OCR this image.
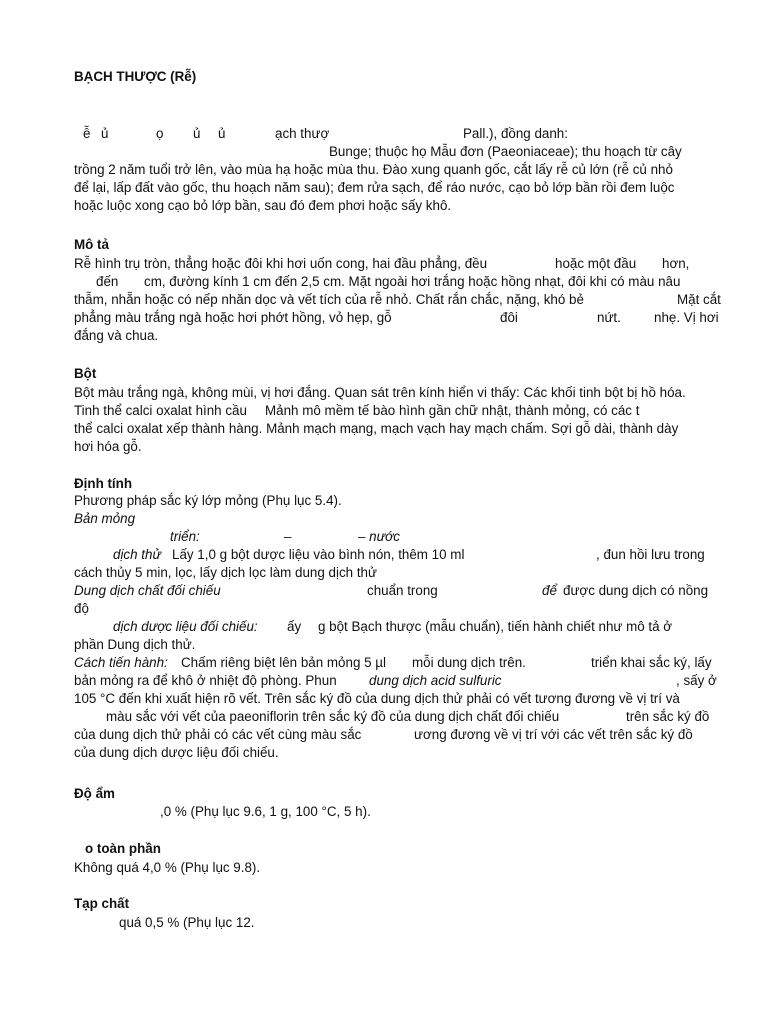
BẠCH THƯỢC (Rễ)
ễ ủ	ọ ủ ủ	ạch thượ	Pall.), đồng danh:
Bunge; thuộc họ Mẫu đơn (Paeoniaceae); thu hoạch từ cây
trồng 2 năm tuổi trở lên, vào mùa hạ hoặc mùa thu. Đào xung quanh gốc, cắt lấy rễ củ lớn (rễ củ nhỏ
để lại, lấp đất vào gốc, thu hoạch năm sau); đem rửa sạch, để ráo nước, cạo bỏ lớp bần rồi đem luộc
hoặc luộc xong cạo bỏ lớp bần, sau đó đem phơi hoặc sấy khô.
Mô tả
Rễ hình trụ tròn, thẳng hoặc đôi khi hơi uốn cong, hai đầu phẳng, đều	hoặc một đầu hơn,
đến cm, đường kính 1 cm đến 2,5 cm. Mặt ngoài hơi trắng hoặc hồng nhạt, đôi khi có màu nâu
thẫm, nhẵn hoặc có nếp nhăn dọc và vết tích của rễ nhỏ. Chất rắn chắc, nặng, khó bẻ	Mặt cắt
phẳng màu trắng ngà hoặc hơi phớt hồng, vỏ hẹp, gỗ	đôi	nứt. nhẹ. Vị hơi
đắng và chua.
Bột
Bột màu trắng ngà, không mùi, vị hơi đắng. Quan sát trên kính hiển vi thấy: Các khối tinh bột bị hồ hóa.
Tinh thể calci oxalat hình cầu Mảnh mô mềm tế bào hình gần chữ nhật, thành mỏng, có các t
thể calci oxalat xếp thành hàng. Mảnh mạch mạng, mạch vạch hay mạch chấm. Sợi gỗ dài, thành dày
hơi hóa gỗ.
Định tính
Phương pháp sắc ký lớp mỏng (Phụ lục 5.4).
Bản mỏng
triển:	–	– nước
dịch thử Lấy 1,0 g bột dược liệu vào bình nón, thêm 10 ml	, đun hồi lưu trong
cách thủy 5 min, lọc, lấy dịch lọc làm dung dịch thử
Dung dịch chất đối chiếu	chuẩn trong	để được dung dịch có nồng
độ
dịch dược liệu đối chiếu: ấy g bột Bạch thược (mẫu chuẩn), tiến hành chiết như mô tả ở
phần Dung dịch thử.
Cách tiến hành: Chấm riêng biệt lên bản mỏng 5 µl mỗi dung dịch trên.	triển khai sắc ký, lấy
bản mỏng ra để khô ở nhiệt độ phòng. Phun dung dịch acid sulfuric	, sấy ở
105 °C đến khi xuất hiện rõ vết. Trên sắc ký đồ của dung dịch thử phải có vết tương đương về vị trí và
màu sắc với vết của paeoniflorin trên sắc ký đồ của dung dịch chất đối chiếu	trên sắc ký đồ
của dung dịch thử phải có các vết cùng màu sắc	ương đương về vị trí với các vết trên sắc ký đồ
của dung dịch dược liệu đối chiếu.
Độ ẩm
,0 % (Phụ lục 9.6, 1 g, 100 °C, 5 h).
o toàn phần
Không quá 4,0 % (Phụ lục 9.8).
Tạp chất
quá 0,5 % (Phụ lục 12.
